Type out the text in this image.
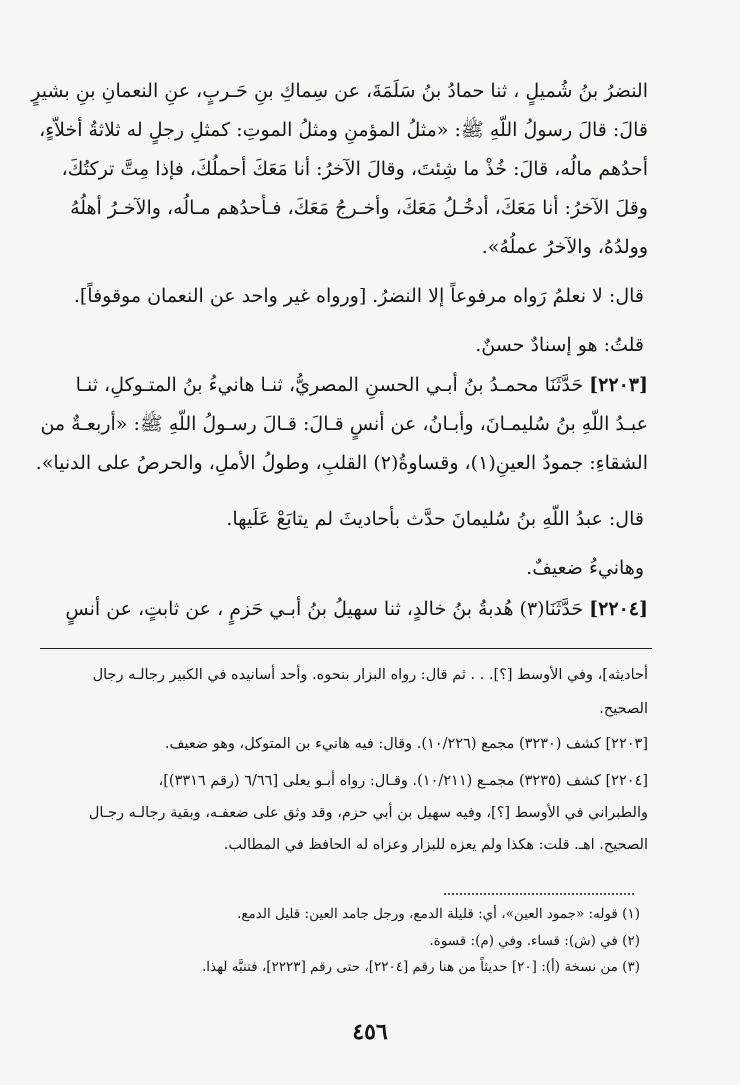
النضرُ بنُ شُميلٍ ، ثنا حمادُ بنُ سَلَمَةَ، عن سِماكِ بنِ حَـربٍ، عنِ النعمانِ بنِ بشيرٍ
قالَ: قالَ رسولُ اللّهِ ﷺ: «مثلُ المؤمنِ ومثلُ الموتِ: كمثلِ رجلٍ له ثلاثةُ أخلاّءٍ،
أحدُهم مالُه، قالَ: خُذْ ما شِئتَ، وقالَ الآخرُ: أنا مَعَكَ أحملُكَ، فإذا مِتَّ تركتُكَ،
وقلَ الآخرُ: أنا مَعَكَ، أدخُـلُ مَعَكَ، وأخـرجُ مَعَكَ، فـأحدُهم مـالُه، والآخـرُ أهلُهُ
وولدُهُ، والآخرُ عملُهُ».
قال: لا نعلمُ رَواه مرفوعاً إلا النضرُ. [ورواه غير واحد عن النعمان موقوفاً].
قلتُ: هو إسنادٌ حسنٌ.
[٢٢٠٣] حَدَّثَنَا محمـدُ بنُ أبـي الحسنِ المصريُّ، ثنـا هانيءُ بنُ المتـوكلِ، ثنـا
عبـدُ اللّهِ بنُ سُليمـانَ، وأبـانُ، عن أنسٍ قـالَ: قـالَ رسـولُ اللّهِ ﷺ: «أربعـةٌ من
الشقاءِ: جمودُ العينِ(١)، وقساوةُ(٢) القلبِ، وطولُ الأملِ، والحرصُ على الدنيا».
قال: عبدُ اللّهِ بنُ سُليمانَ حدَّث بأحاديثَ لم يتابَعْ عَلَيها.
وهانيءُ ضعيفٌ.
[٢٢٠٤] حَدَّثَنَا(٣) هُدبةُ بنُ خالدٍ، ثنا سهيلُ بنُ أبـي حَزمٍ ، عن ثابتٍ، عن أنسٍ
أحاديثه]، وفي الأوسط [؟]. . . ثم قال: رواه البزار بنحوه. وأحد أسانيده في الكبير رجالـه رجال
الصحيح.
[٢٢٠٣] كشف (٣٢٣٠) مجمع (١٠/٢٢٦). وقال: فيه هانيء بن المتوكل، وهو ضعيف.
[٢٢٠٤] كشف (٣٢٣٥) مجمـع (١٠/٢١١). وقـال: رواه أبـو يعلى [٦/٦٦ (رقم ٣٣١٦)]،
والطبراني في الأوسط [؟]، وفيه سهيل بن أبي حزم، وقد وثق على ضعفـه، وبقية رجالـه رجـال
الصحيح. اهـ. قلت: هكذا ولم يعزه للبزار وعزاه له الحافظ في المطالب.
(١) قوله: «جمود العين»، أي: قليلة الدمع، ورجل جامد العين: قليل الدمع.
(٢) في (ش): قساء. وفي (م): قسوة.
(٣) من نسخة (أ): [٢٠] حديثاً من هنا رقم [٢٢٠٤]، حتى رقم [٢٢٢٣]، فتنبَّه لهذا.
٤٥٦
